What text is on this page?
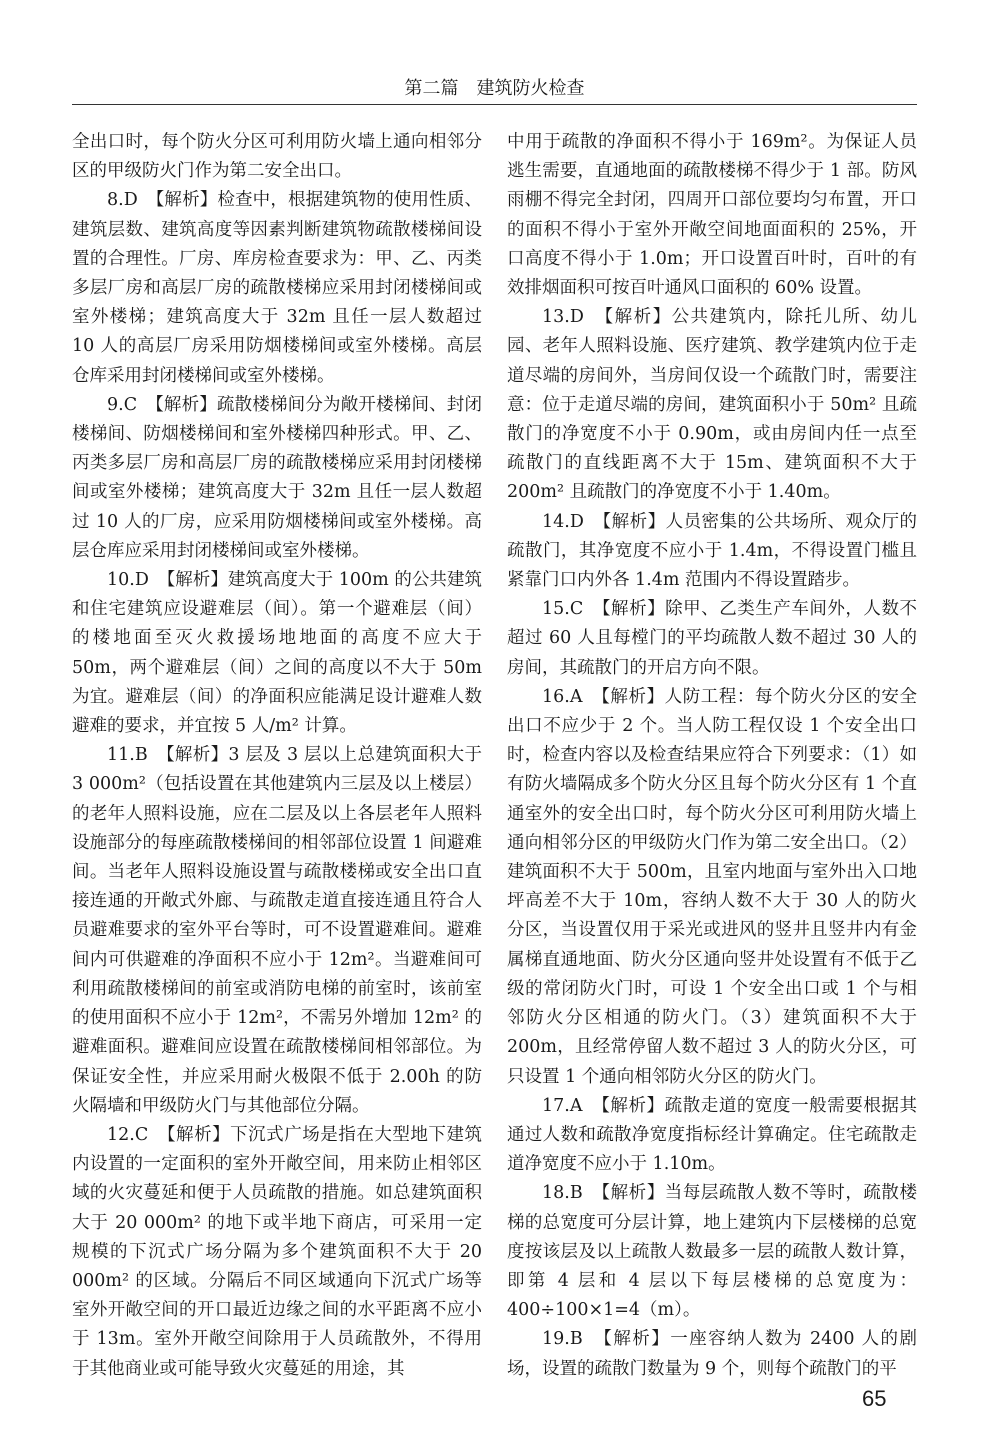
第二篇　建筑防火检查

全出口时，每个防火分区可利用防火墙上通向相邻分区的甲级防火门作为第二安全出口。

8.D　【解析】检查中，根据建筑物的使用性质、建筑层数、建筑高度等因素判断建筑物疏散楼梯间设置的合理性。厂房、库房检查要求为：甲、乙、丙类多层厂房和高层厂房的疏散楼梯应采用封闭楼梯间或室外楼梯；建筑高度大于 32m 且任一层人数超过 10 人的高层厂房采用防烟楼梯间或室外楼梯。高层仓库采用封闭楼梯间或室外楼梯。

9.C　【解析】疏散楼梯间分为敞开楼梯间、封闭楼梯间、防烟楼梯间和室外楼梯四种形式。甲、乙、丙类多层厂房和高层厂房的疏散楼梯应采用封闭楼梯间或室外楼梯；建筑高度大于 32m 且任一层人数超过 10 人的厂房，应采用防烟楼梯间或室外楼梯。高层仓库应采用封闭楼梯间或室外楼梯。

10.D　【解析】建筑高度大于 100m 的公共建筑和住宅建筑应设避难层（间）。第一个避难层（间）的楼地面至灭火救援场地地面的高度不应大于 50m，两个避难层（间）之间的高度以不大于 50m 为宜。避难层（间）的净面积应能满足设计避难人数避难的要求，并宜按 5 人/m² 计算。

11.B　【解析】3 层及 3 层以上总建筑面积大于 3 000m²（包括设置在其他建筑内三层及以上楼层）的老年人照料设施，应在二层及以上各层老年人照料设施部分的每座疏散楼梯间的相邻部位设置 1 间避难间。当老年人照料设施设置与疏散楼梯或安全出口直接连通的开敞式外廊、与疏散走道直接连通且符合人员避难要求的室外平台等时，可不设置避难间。避难间内可供避难的净面积不应小于 12m²。当避难间可利用疏散楼梯间的前室或消防电梯的前室时，该前室的使用面积不应小于 12m²，不需另外增加 12m² 的避难面积。避难间应设置在疏散楼梯间相邻部位。为保证安全性，并应采用耐火极限不低于 2.00h 的防火隔墙和甲级防火门与其他部位分隔。

12.C　【解析】下沉式广场是指在大型地下建筑内设置的一定面积的室外开敞空间，用来防止相邻区域的火灾蔓延和便于人员疏散的措施。如总建筑面积大于 20 000m² 的地下或半地下商店，可采用一定规模的下沉式广场分隔为多个建筑面积不大于 20 000m² 的区域。分隔后不同区域通向下沉式广场等室外开敞空间的开口最近边缘之间的水平距离不应小于 13m。室外开敞空间除用于人员疏散外，不得用于其他商业或可能导致火灾蔓延的用途，其

中用于疏散的净面积不得小于 169m²。为保证人员逃生需要，直通地面的疏散楼梯不得少于 1 部。防风雨棚不得完全封闭，四周开口部位要均匀布置，开口的面积不得小于室外开敞空间地面面积的 25%，开口高度不得小于 1.0m；开口设置百叶时，百叶的有效排烟面积可按百叶通风口面积的 60% 设置。

13.D　【解析】公共建筑内，除托儿所、幼儿园、老年人照料设施、医疗建筑、教学建筑内位于走道尽端的房间外，当房间仅设一个疏散门时，需要注意：位于走道尽端的房间，建筑面积小于 50m² 且疏散门的净宽度不小于 0.90m，或由房间内任一点至疏散门的直线距离不大于 15m、建筑面积不大于 200m² 且疏散门的净宽度不小于 1.40m。

14.D　【解析】人员密集的公共场所、观众厅的疏散门，其净宽度不应小于 1.4m，不得设置门槛且紧靠门口内外各 1.4m 范围内不得设置踏步。

15.C　【解析】除甲、乙类生产车间外，人数不超过 60 人且每樘门的平均疏散人数不超过 30 人的房间，其疏散门的开启方向不限。

16.A　【解析】人防工程：每个防火分区的安全出口不应少于 2 个。当人防工程仅设 1 个安全出口时，检查内容以及检查结果应符合下列要求：（1）如有防火墙隔成多个防火分区且每个防火分区有 1 个直通室外的安全出口时，每个防火分区可利用防火墙上通向相邻分区的甲级防火门作为第二安全出口。（2）建筑面积不大于 500m，且室内地面与室外出入口地坪高差不大于 10m，容纳人数不大于 30 人的防火分区，当设置仅用于采光或进风的竖井且竖井内有金属梯直通地面、防火分区通向竖井处设置有不低于乙级的常闭防火门时，可设 1 个安全出口或 1 个与相邻防火分区相通的防火门。（3）建筑面积不大于 200m，且经常停留人数不超过 3 人的防火分区，可只设置 1 个通向相邻防火分区的防火门。

17.A　【解析】疏散走道的宽度一般需要根据其通过人数和疏散净宽度指标经计算确定。住宅疏散走道净宽度不应小于 1.10m。

18.B　【解析】当每层疏散人数不等时，疏散楼梯的总宽度可分层计算，地上建筑内下层楼梯的总宽度按该层及以上疏散人数最多一层的疏散人数计算，即第 4 层和 4 层以下每层楼梯的总宽度为：400÷100×1=4（m）。

19.B　【解析】一座容纳人数为 2400 人的剧场，设置的疏散门数量为 9 个，则每个疏散门的平

65
